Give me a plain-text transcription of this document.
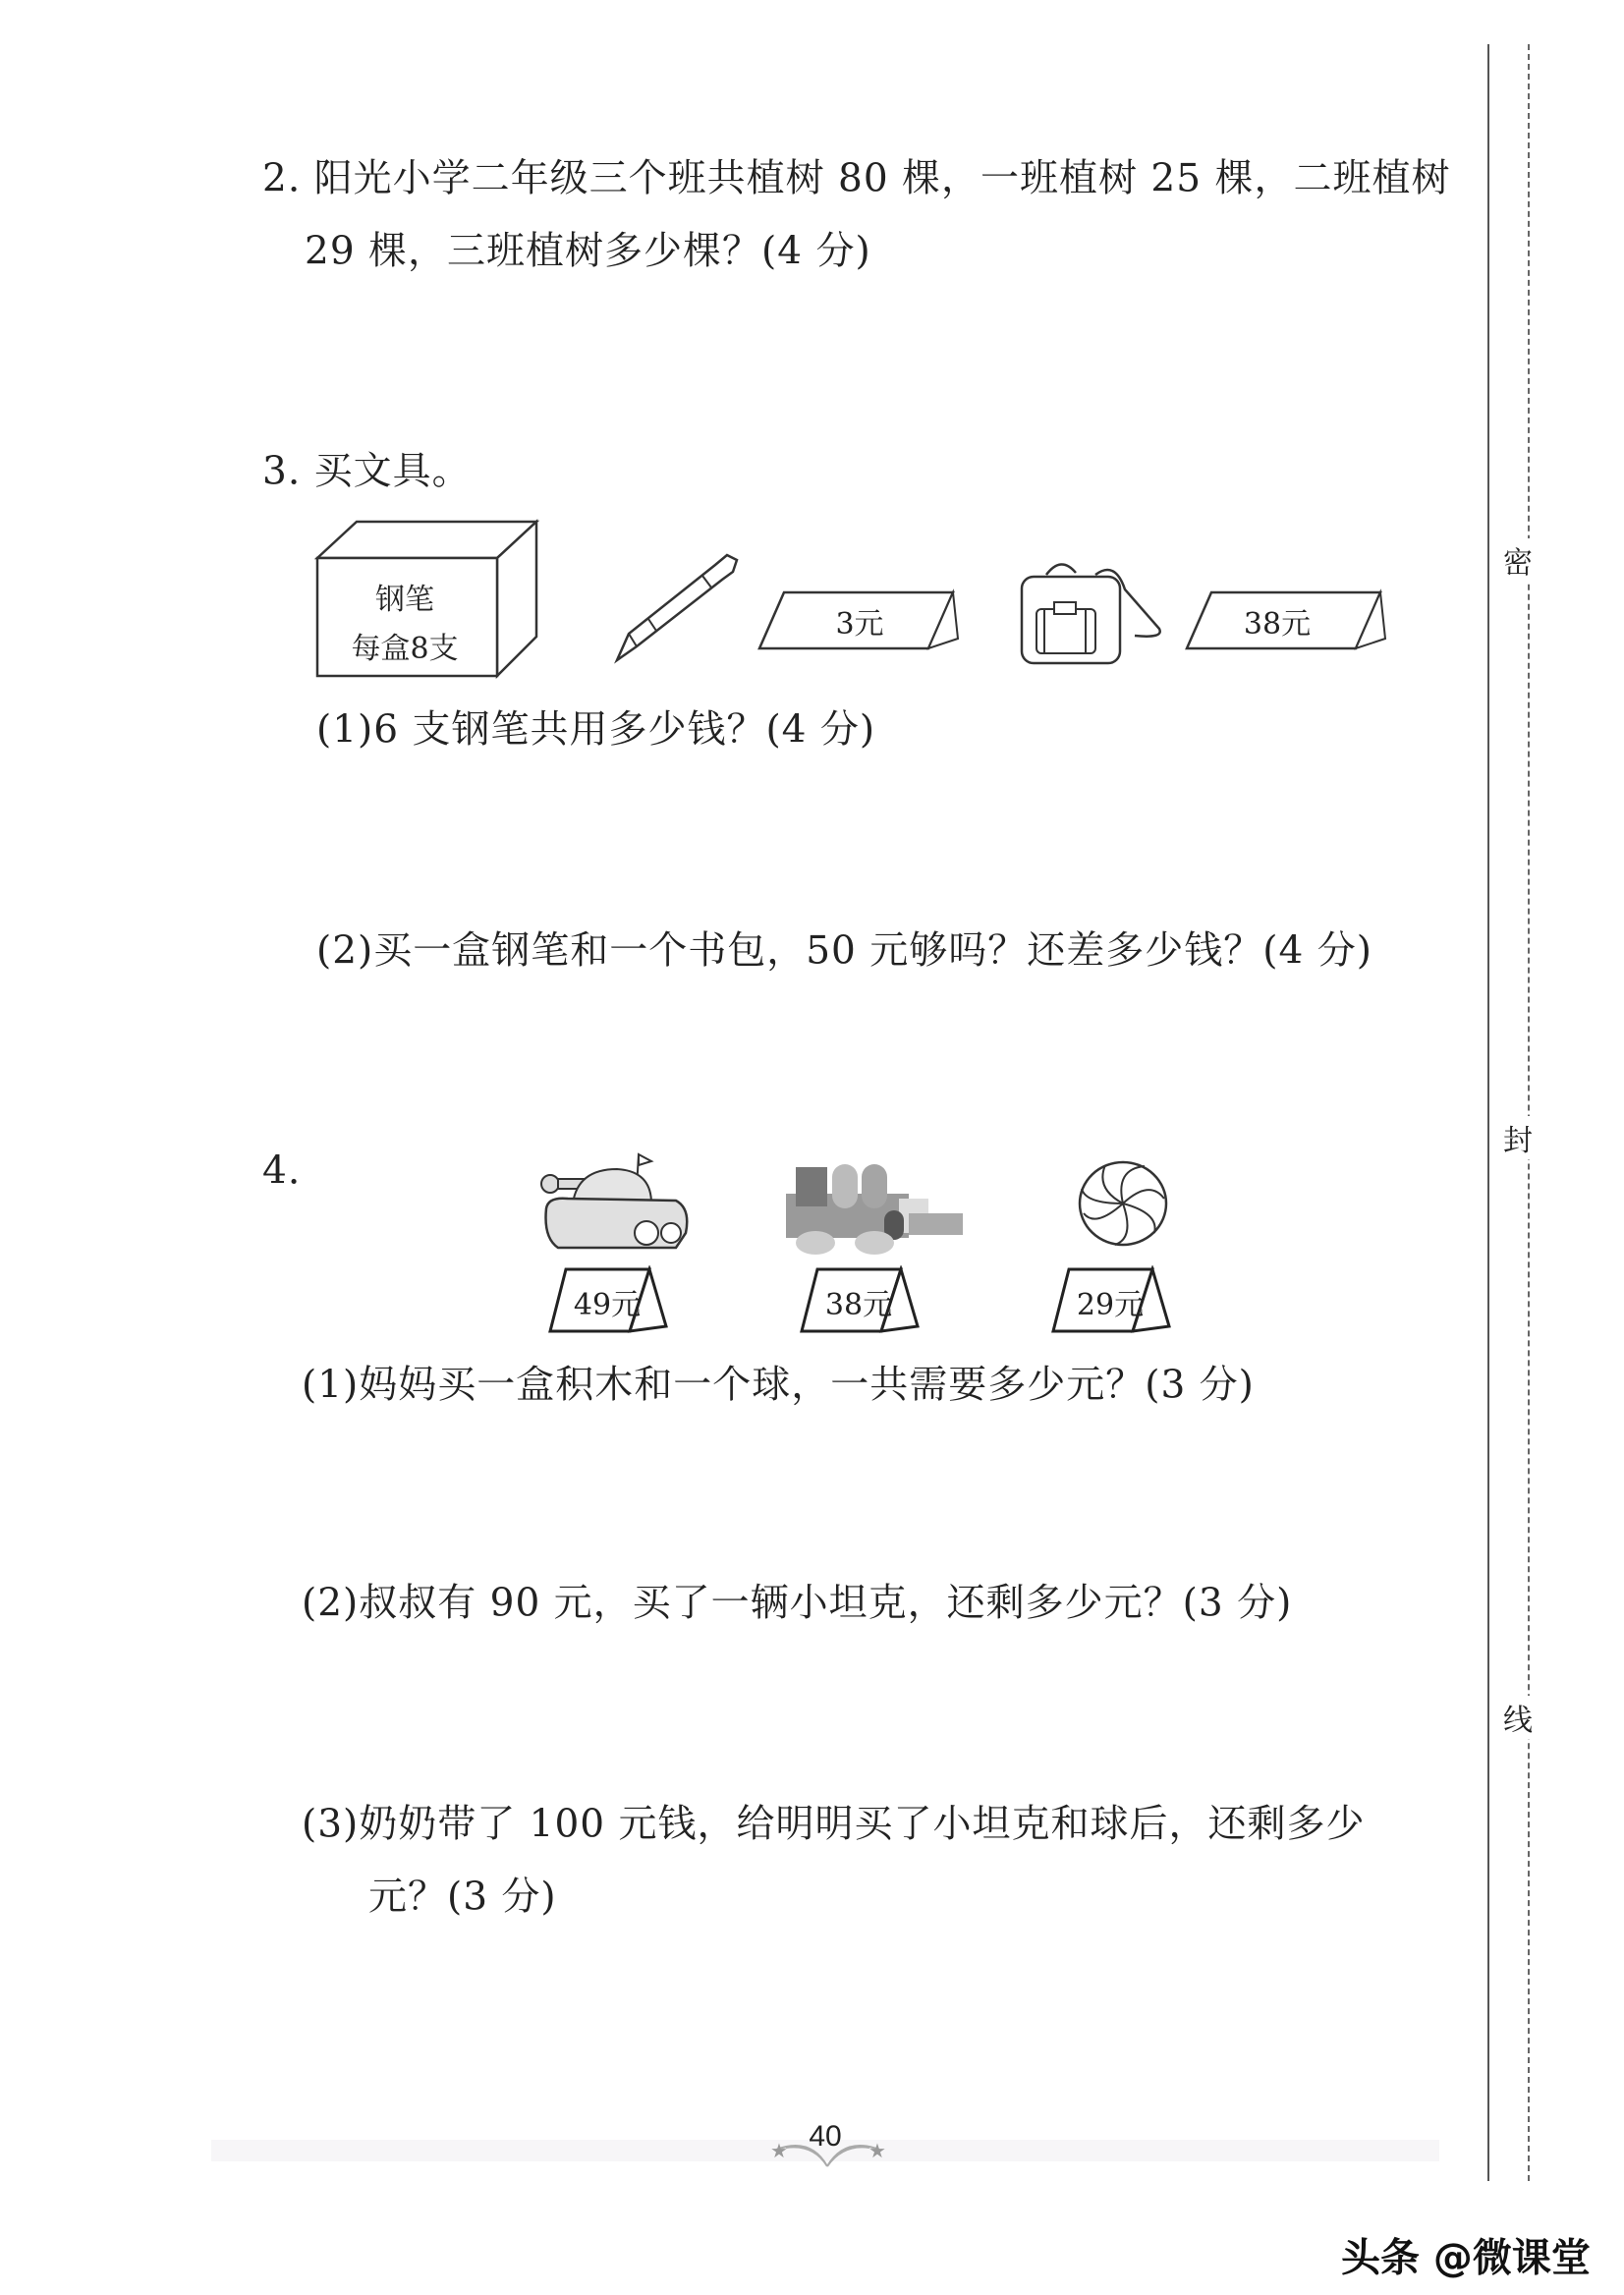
2. 阳光小学二年级三个班共植树 80 棵，一班植树 25 棵，二班植树
29 棵，三班植树多少棵？(4 分)
3. 买文具。
钢笔
每盒8支
3元	38元
(1)6 支钢笔共用多少钱？(4 分)
(2)买一盒钢笔和一个书包，50 元够吗？还差多少钱？(4 分)
4.
49元	38元	29元
(1)妈妈买一盒积木和一个球，一共需要多少元？(3 分)
(2)叔叔有 90 元，买了一辆小坦克，还剩多少元？(3 分)
(3)奶奶带了 100 元钱，给明明买了小坦克和球后，还剩多少
元？(3 分)
密
封
线
★	★
40
头条 @微课堂
